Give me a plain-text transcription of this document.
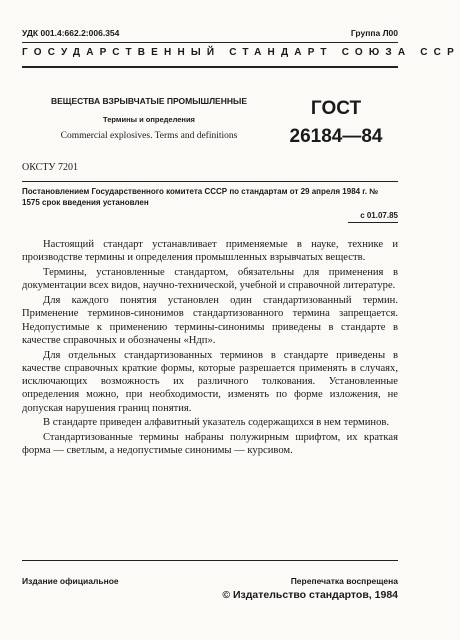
УДК 001.4:662.2:006.354	Группа Л00
ГОСУДАРСТВЕННЫЙ СТАНДАРТ СОЮЗА ССР
ВЕЩЕСТВА ВЗРЫВЧАТЫЕ ПРОМЫШЛЕННЫЕ
Термины и определения
Commercial explosives. Terms and definitions
ГОСТ
26184—84
ОКСТУ 7201
Постановлением Государственного комитета СССР по стандартам от 29 апреля 1984 г. № 1575 срок введения установлен
с 01.07.85

Настоящий стандарт устанавливает применяемые в науке, технике и производстве термины и определения промышленных взрывчатых веществ.

Термины, установленные стандартом, обязательны для применения в документации всех видов, научно-технической, учебной и справочной литературе.

Для каждого понятия установлен один стандартизованный термин. Применение терминов-синонимов стандартизованного термина запрещается. Недопустимые к применению термины-синонимы приведены в стандарте в качестве справочных и обозначены «Ндп».

Для отдельных стандартизованных терминов в стандарте приведены в качестве справочных краткие формы, которые разрешается применять в случаях, исключающих возможность их различного толкования. Установленные определения можно, при необходимости, изменять по форме изложения, не допуская нарушения границ понятия.

В стандарте приведен алфавитный указатель содержащихся в нем терминов.

Стандартизованные термины набраны полужирным шрифтом, их краткая форма — светлым, а недопустимые синонимы — курсивом.

Издание официальное	Перепечатка воспрещена
© Издательство стандартов, 1984
